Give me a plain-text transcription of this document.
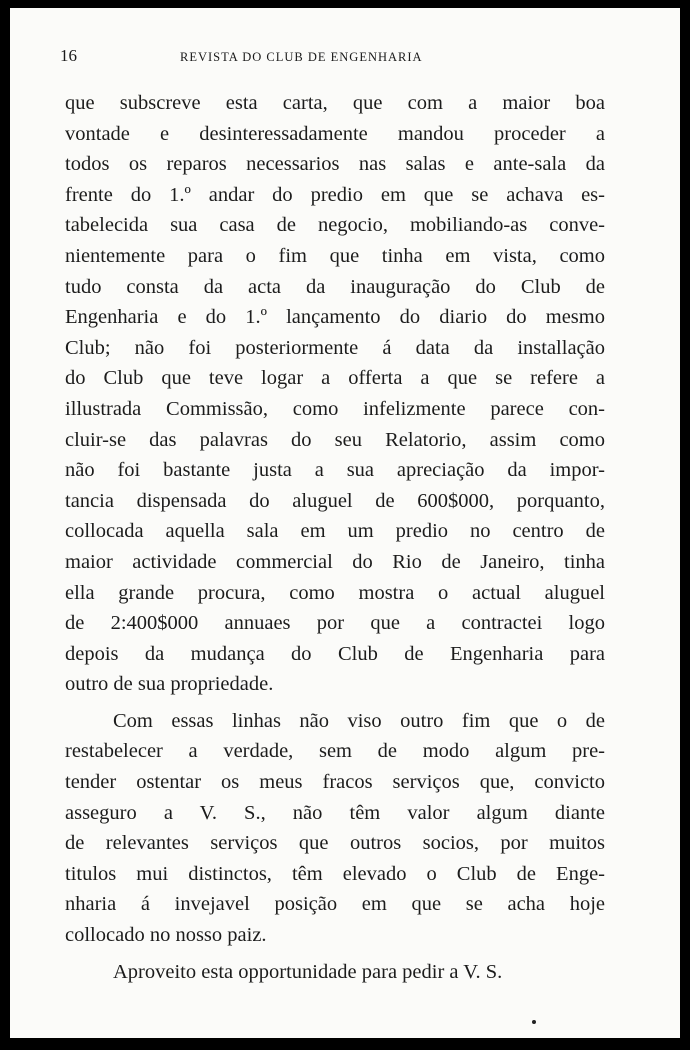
16	REVISTA DO CLUB DE ENGENHARIA
que subscreve esta carta, que com a maior boa
vontade e desinteressadamente mandou proceder a
todos os reparos necessarios nas salas e ante-sala da
frente do 1.º andar do predio em que se achava es-
tabelecida sua casa de negocio, mobiliando-as conve-
nientemente para o fim que tinha em vista, como
tudo consta da acta da inauguração do Club de
Engenharia e do 1.º lançamento do diario do mesmo
Club; não foi posteriormente á data da installação
do Club que teve logar a offerta a que se refere a
illustrada Commissão, como infelizmente parece con-
cluir-se das palavras do seu Relatorio, assim como
não foi bastante justa a sua apreciação da impor-
tancia dispensada do aluguel de 600$000, porquanto,
collocada aquella sala em um predio no centro de
maior actividade commercial do Rio de Janeiro, tinha
ella grande procura, como mostra o actual aluguel
de 2:400$000 annuaes por que a contractei logo
depois da mudança do Club de Engenharia para
outro de sua propriedade.
Com essas linhas não viso outro fim que o de
restabelecer a verdade, sem de modo algum pre-
tender ostentar os meus fracos serviços que, convicto
asseguro a V. S., não têm valor algum diante
de relevantes serviços que outros socios, por muitos
titulos mui distinctos, têm elevado o Club de Enge-
nharia á invejavel posição em que se acha hoje
collocado no nosso paiz.
Aproveito esta opportunidade para pedir a V. S.
